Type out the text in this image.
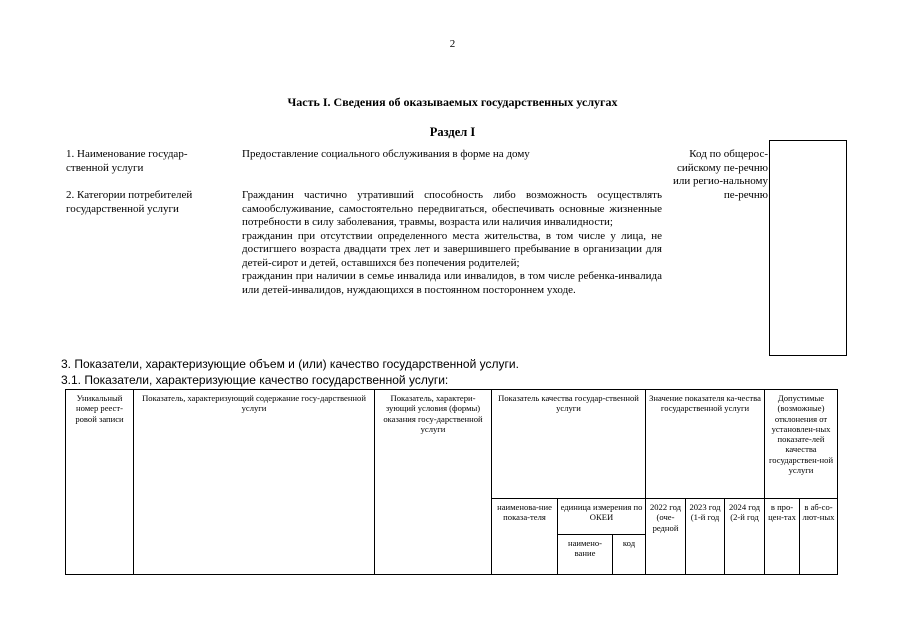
2
Часть I. Сведения об оказываемых государственных услугах
Раздел I
1. Наименование государ-ственной услуги
Предоставление социального обслуживания в форме на дому
2. Категории потребителей государственной услуги

Гражданин частично утративший способность либо возможность осуществлять самообслуживание, самостоятельно передвигаться, обеспечивать основные жизненные потребности в силу заболевания, травмы, возраста или наличия инвалидности;

гражданин при отсутствии определенного места жительства, в том числе у лица, не достигшего возраста двадцати трех лет и завершившего пребывание в организации для детей-сирот и детей, оставшихся без попечения родителей;

гражданин при наличии в семье инвалида или инвалидов, в том числе ребенка-инвалида или детей-инвалидов, нуждающихся в постоянном постороннем уходе.

Код по общерос-сийскому пе-речню или регио-нальному пе-речню
3. Показатели, характеризующие объем и (или) качество государственной услуги.
3.1. Показатели, характеризующие качество государственной услуги:
Уникальный номер реест-ровой записи	Показатель, характеризующий содержание госу-дарственной услуги	Показатель, характери-зующий условия (формы) оказания госу-дарственной услуги	Показатель качества государ-ственной услуги			Значение показателя ка-чества государственной услуги			Допустимые (возможные) отклонения от установлен-ных показате-лей качества государствен-ной услуги	
			наименова-ние показа-теля	единица измерения по ОКЕИ		2022 год (оче-редной	2023 год (1-й год	2024 год (2-й год	в про-цен-тах	в аб-со-лют-ных
				наимено-вание	код					
